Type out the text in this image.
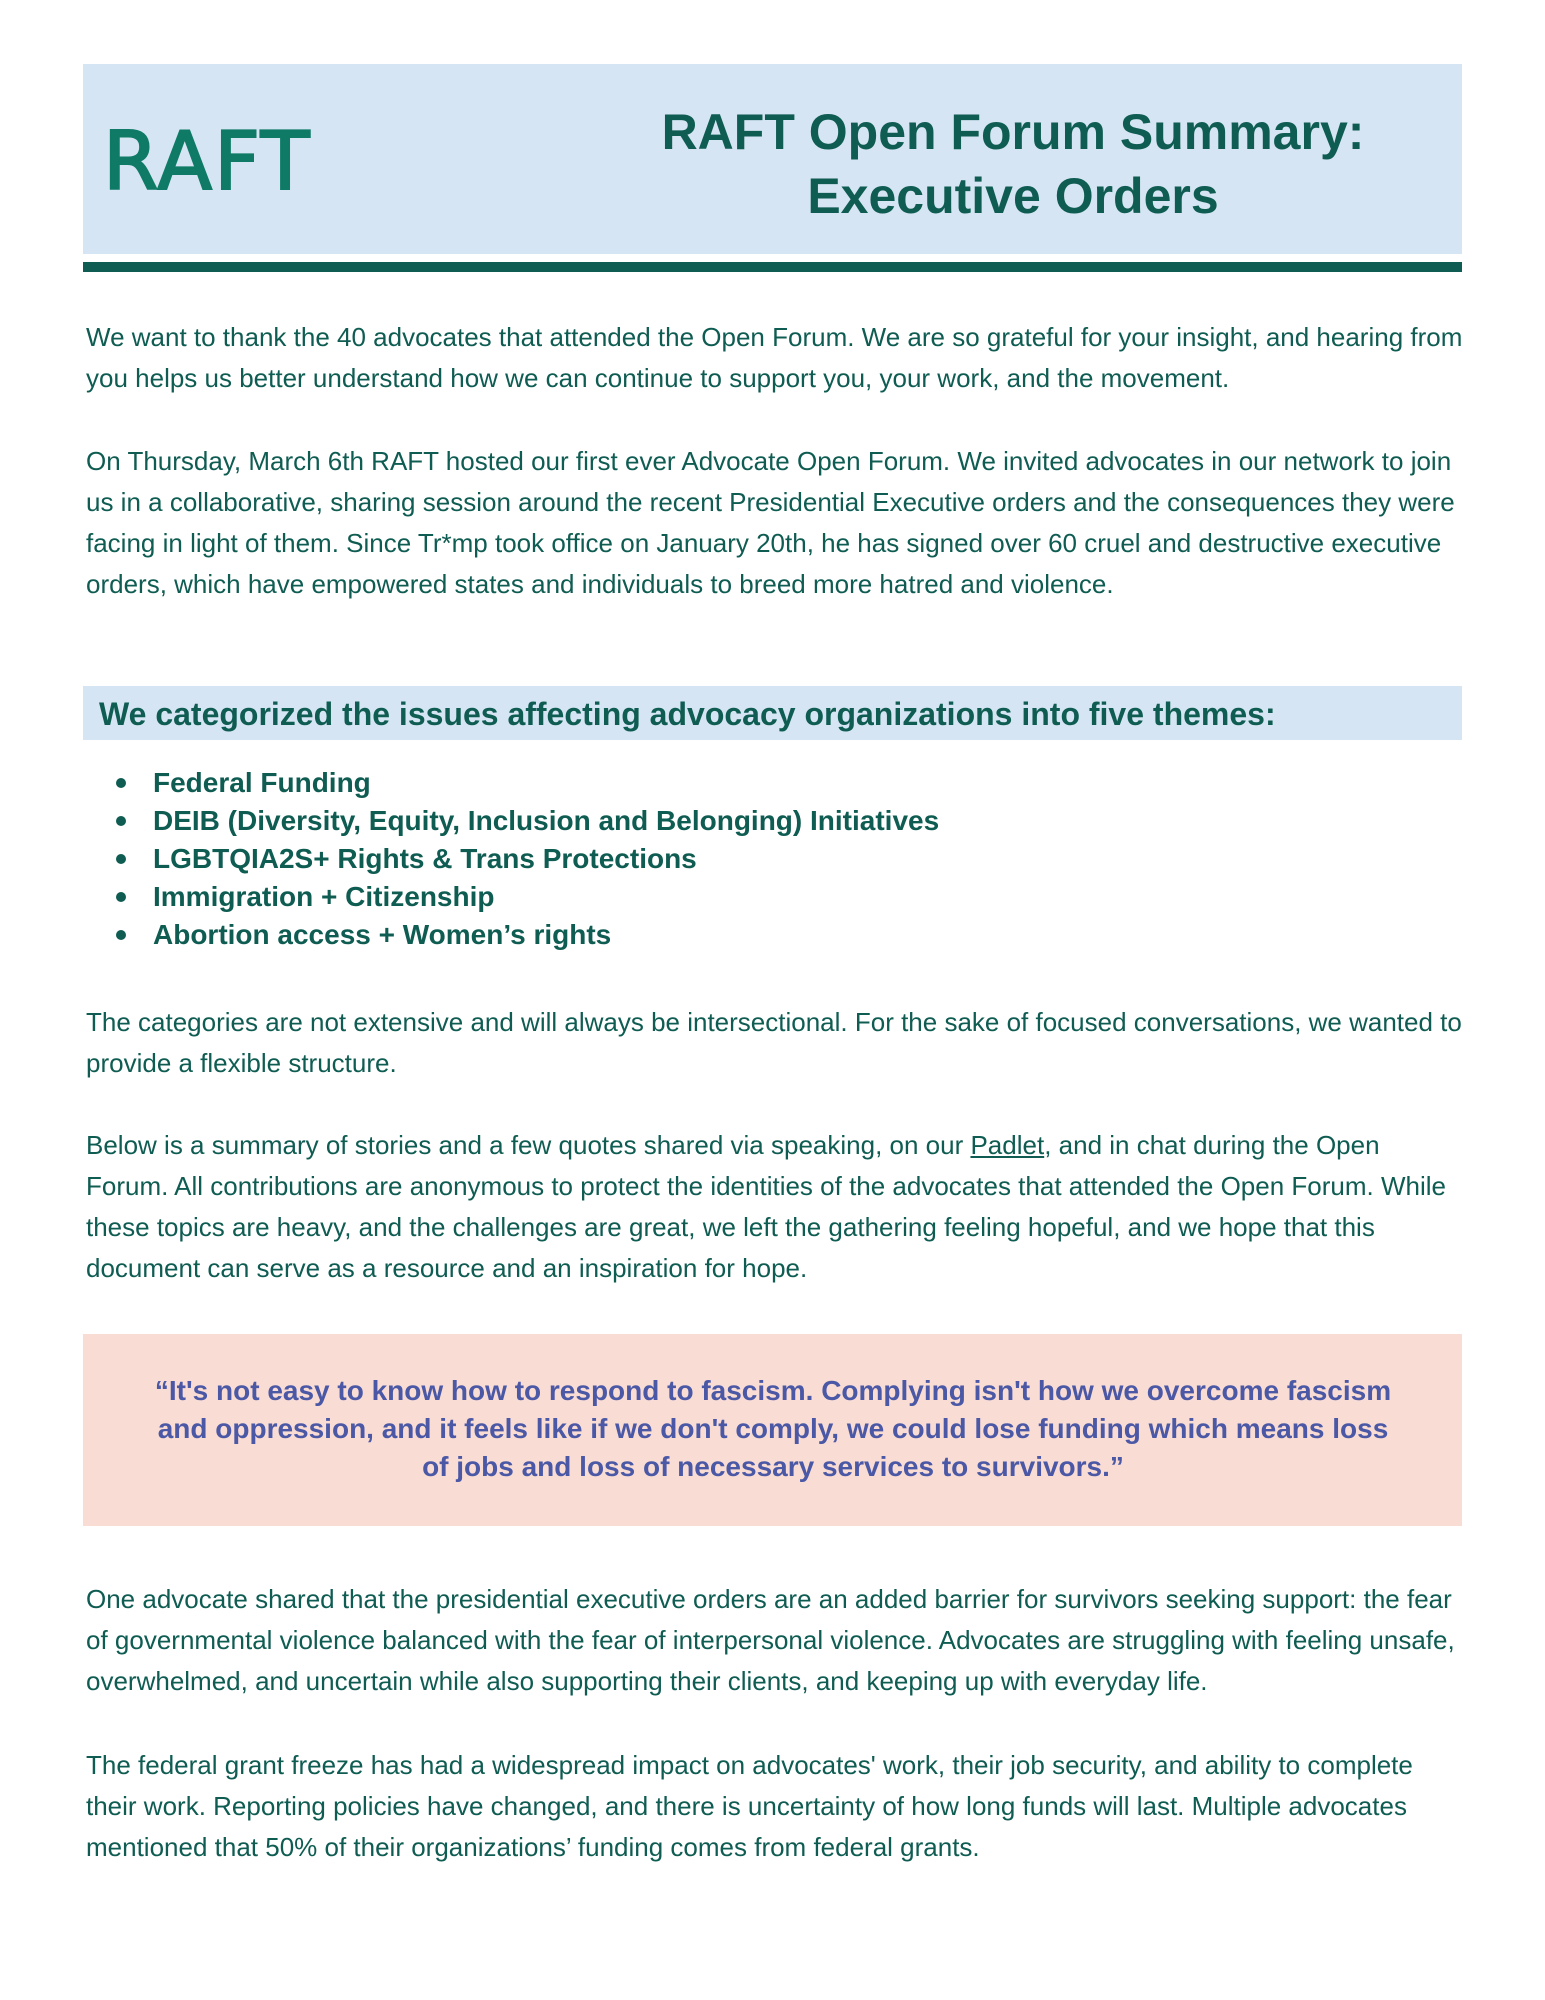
RAFT	RAFT Open Forum Summary:
Executive Orders

We want to thank the 40 advocates that attended the Open Forum. We are so grateful for your insight, and hearing from you helps us better understand how we can continue to support you, your work, and the movement.

On Thursday, March 6th RAFT hosted our first ever Advocate Open Forum. We invited advocates in our network to join us in a collaborative, sharing session around the recent Presidential Executive orders and the consequences they were facing in light of them. Since Tr*mp took office on January 20th, he has signed over 60 cruel and destructive executive orders, which have empowered states and individuals to breed more hatred and violence.

We categorized the issues affecting advocacy organizations into five themes:
Federal Funding
DEIB (Diversity, Equity, Inclusion and Belonging) Initiatives
LGBTQIA2S+ Rights & Trans Protections
Immigration + Citizenship
Abortion access + Women’s rights

The categories are not extensive and will always be intersectional. For the sake of focused conversations, we wanted to provide a flexible structure.

Below is a summary of stories and a few quotes shared via speaking, on our Padlet, and in chat during the Open Forum. All contributions are anonymous to protect the identities of the advocates that attended the Open Forum. While these topics are heavy, and the challenges are great, we left the gathering feeling hopeful, and we hope that this document can serve as a resource and an inspiration for hope.

“It's not easy to know how to respond to fascism. Complying isn't how we overcome fascism and oppression, and it feels like if we don't comply, we could lose funding which means loss of jobs and loss of necessary services to survivors.”

One advocate shared that the presidential executive orders are an added barrier for survivors seeking support: the fear of governmental violence balanced with the fear of interpersonal violence. Advocates are struggling with feeling unsafe, overwhelmed, and uncertain while also supporting their clients, and keeping up with everyday life.

The federal grant freeze has had a widespread impact on advocates' work, their job security, and ability to complete their work. Reporting policies have changed, and there is uncertainty of how long funds will last. Multiple advocates mentioned that 50% of their organizations’ funding comes from federal grants.
